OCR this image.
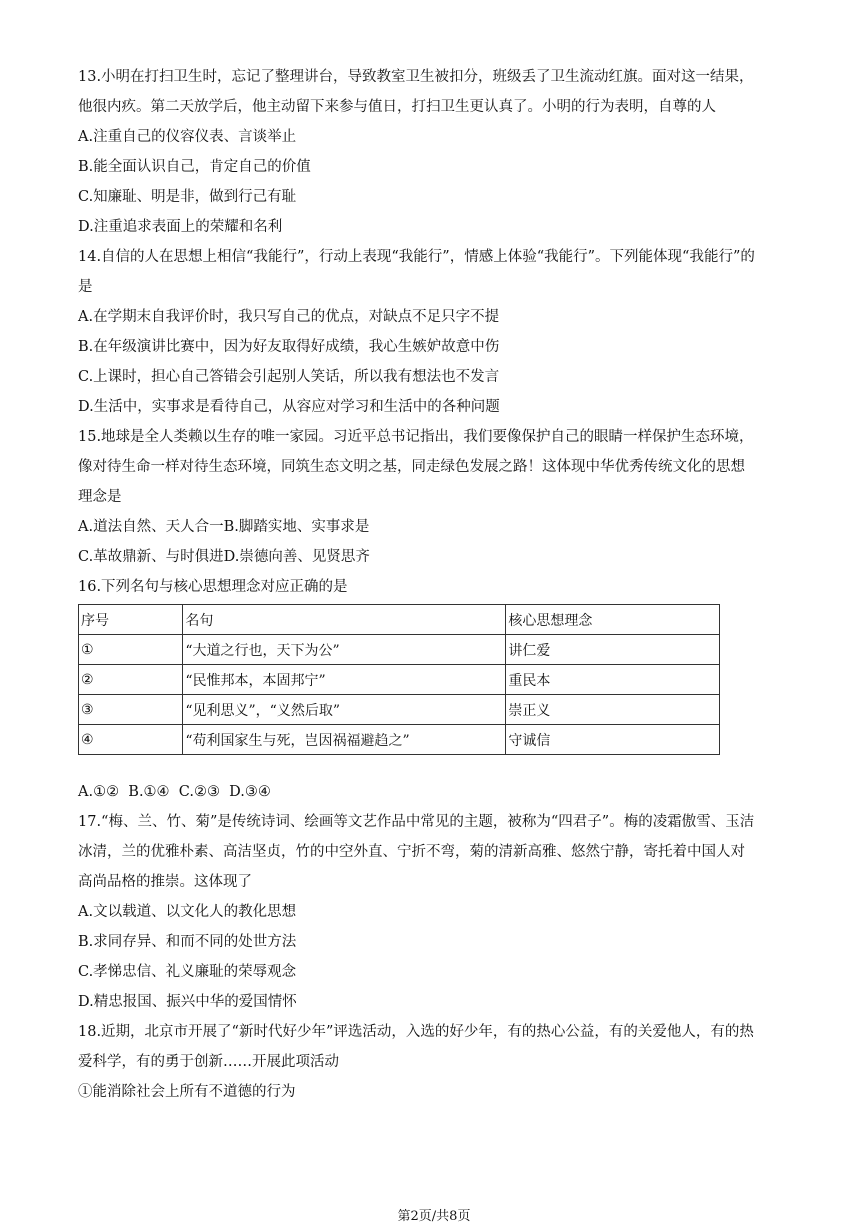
13.小明在打扫卫生时，忘记了整理讲台，导致教室卫生被扣分，班级丢了卫生流动红旗。面对这一结果，
他很内疚。第二天放学后，他主动留下来参与值日，打扫卫生更认真了。小明的行为表明，自尊的人
A.注重自己的仪容仪表、言谈举止
B.能全面认识自己，肯定自己的价值
C.知廉耻、明是非，做到行己有耻
D.注重追求表面上的荣耀和名利
14.自信的人在思想上相信“我能行”，行动上表现“我能行”，情感上体验“我能行”。下列能体现“我能行”的
是
A.在学期末自我评价时，我只写自己的优点，对缺点不足只字不提
B.在年级演讲比赛中，因为好友取得好成绩，我心生嫉妒故意中伤
C.上课时，担心自己答错会引起别人笑话，所以我有想法也不发言
D.生活中，实事求是看待自己，从容应对学习和生活中的各种问题
15.地球是全人类赖以生存的唯一家园。习近平总书记指出，我们要像保护自己的眼睛一样保护生态环境，
像对待生命一样对待生态环境，同筑生态文明之基，同走绿色发展之路！这体现中华优秀传统文化的思想
理念是
A.道法自然、天人合一B.脚踏实地、实事求是
C.革故鼎新、与时俱进D.崇德向善、见贤思齐
16.下列名句与核心思想理念对应正确的是
序号	名句	核心思想理念
①	“大道之行也，天下为公”	讲仁爱
②	“民惟邦本，本固邦宁”	重民本
③	“见利思义”，“义然后取”	崇正义
④	“苟利国家生与死，岂因祸福避趋之”	守诚信
A.①②  B.①④  C.②③  D.③④
17.“梅、兰、竹、菊”是传统诗词、绘画等文艺作品中常见的主题，被称为“四君子”。梅的凌霜傲雪、玉洁
冰清，兰的优雅朴素、高洁坚贞，竹的中空外直、宁折不弯，菊的清新高雅、悠然宁静，寄托着中国人对
高尚品格的推崇。这体现了
A.文以载道、以文化人的教化思想
B.求同存异、和而不同的处世方法
C.孝悌忠信、礼义廉耻的荣辱观念
D.精忠报国、振兴中华的爱国情怀
18.近期，北京市开展了“新时代好少年”评选活动，入选的好少年，有的热心公益，有的关爱他人，有的热
爱科学，有的勇于创新……开展此项活动
①能消除社会上所有不道德的行为
第2页/共8页
